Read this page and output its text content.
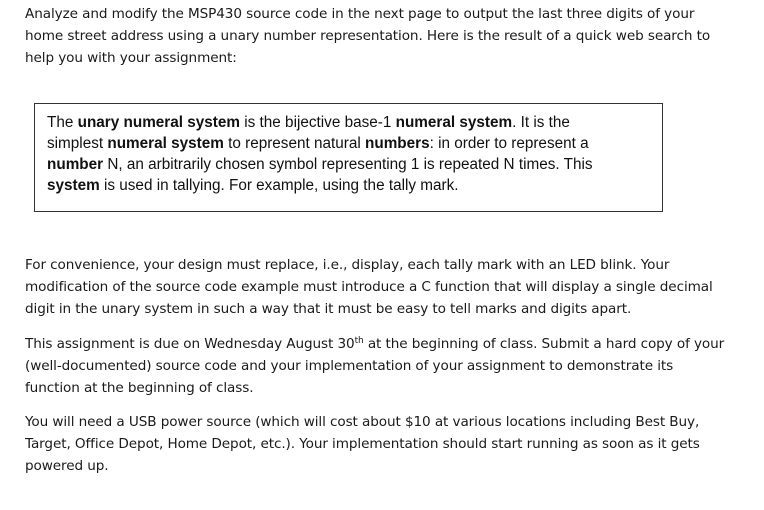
Analyze and modify the MSP430 source code in the next page to output the last three digits of your
home street address using a unary number representation. Here is the result of a quick web search to
help you with your assignment:

The unary numeral system is the bijective base-1 numeral system. It is the
simplest numeral system to represent natural numbers: in order to represent a
number N, an arbitrarily chosen symbol representing 1 is repeated N times. This
system is used in tallying. For example, using the tally mark.

For convenience, your design must replace, i.e., display, each tally mark with an LED blink. Your
modification of the source code example must introduce a C function that will display a single decimal
digit in the unary system in such a way that it must be easy to tell marks and digits apart.

This assignment is due on Wednesday August 30th at the beginning of class. Submit a hard copy of your
(well-documented) source code and your implementation of your assignment to demonstrate its
function at the beginning of class.

You will need a USB power source (which will cost about $10 at various locations including Best Buy,
Target, Office Depot, Home Depot, etc.). Your implementation should start running as soon as it gets
powered up.
